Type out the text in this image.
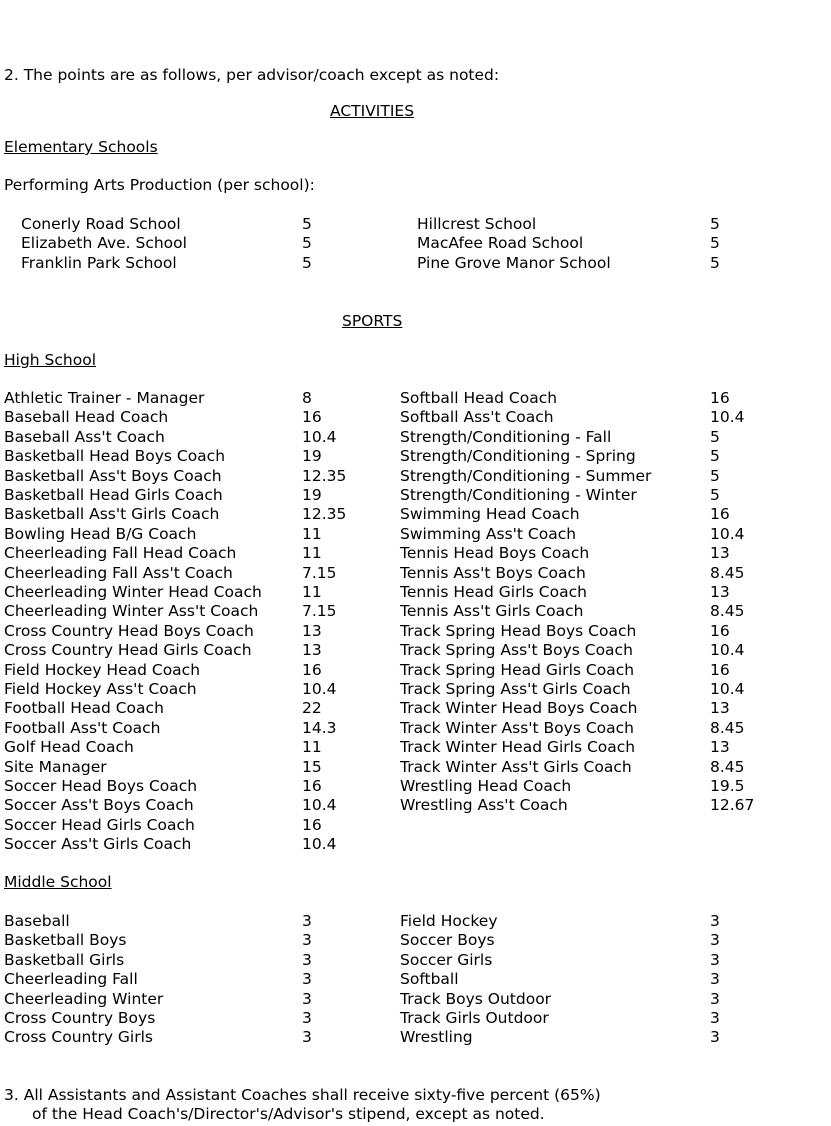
2. The points are as follows, per advisor/coach except as noted:
ACTIVITIES
Elementary Schools
Performing Arts Production (per school):
Conerly Road School	5	Hillcrest School	5
Elizabeth Ave. School	5	MacAfee Road School	5
Franklin Park School	5	Pine Grove Manor School	5
SPORTS
High School
Athletic Trainer - Manager	8	Softball Head Coach	16
Baseball Head Coach	16	Softball Ass't Coach	10.4
Baseball Ass't Coach	10.4	Strength/Conditioning - Fall	5
Basketball Head Boys Coach	19	Strength/Conditioning - Spring	5
Basketball Ass't Boys Coach	12.35	Strength/Conditioning - Summer	5
Basketball Head Girls Coach	19	Strength/Conditioning - Winter	5
Basketball Ass't Girls Coach	12.35	Swimming Head Coach	16
Bowling Head B/G Coach	11	Swimming Ass't Coach	10.4
Cheerleading Fall Head Coach	11	Tennis Head Boys Coach	13
Cheerleading Fall Ass't Coach	7.15	Tennis Ass't Boys Coach	8.45
Cheerleading Winter Head Coach	11	Tennis Head Girls Coach	13
Cheerleading Winter Ass't Coach	7.15	Tennis Ass't Girls Coach	8.45
Cross Country Head Boys Coach	13	Track Spring Head Boys Coach	16
Cross Country Head Girls Coach	13	Track Spring Ass't Boys Coach	10.4
Field Hockey Head Coach	16	Track Spring Head Girls Coach	16
Field Hockey Ass't Coach	10.4	Track Spring Ass't Girls Coach	10.4
Football Head Coach	22	Track Winter Head Boys Coach	13
Football Ass't Coach	14.3	Track Winter Ass't Boys Coach	8.45
Golf Head Coach	11	Track Winter Head Girls Coach	13
Site Manager	15	Track Winter Ass't Girls Coach	8.45
Soccer Head Boys Coach	16	Wrestling Head Coach	19.5
Soccer Ass't Boys Coach	10.4	Wrestling Ass't Coach	12.67
Soccer Head Girls Coach	16
Soccer Ass't Girls Coach	10.4
Middle School
Baseball	3	Field Hockey	3
Basketball Boys	3	Soccer Boys	3
Basketball Girls	3	Soccer Girls	3
Cheerleading Fall	3	Softball	3
Cheerleading Winter	3	Track Boys Outdoor	3
Cross Country Boys	3	Track Girls Outdoor	3
Cross Country Girls	3	Wrestling	3
3. All Assistants and Assistant Coaches shall receive sixty-five percent (65%)
of the Head Coach's/Director's/Advisor's stipend, except as noted.
